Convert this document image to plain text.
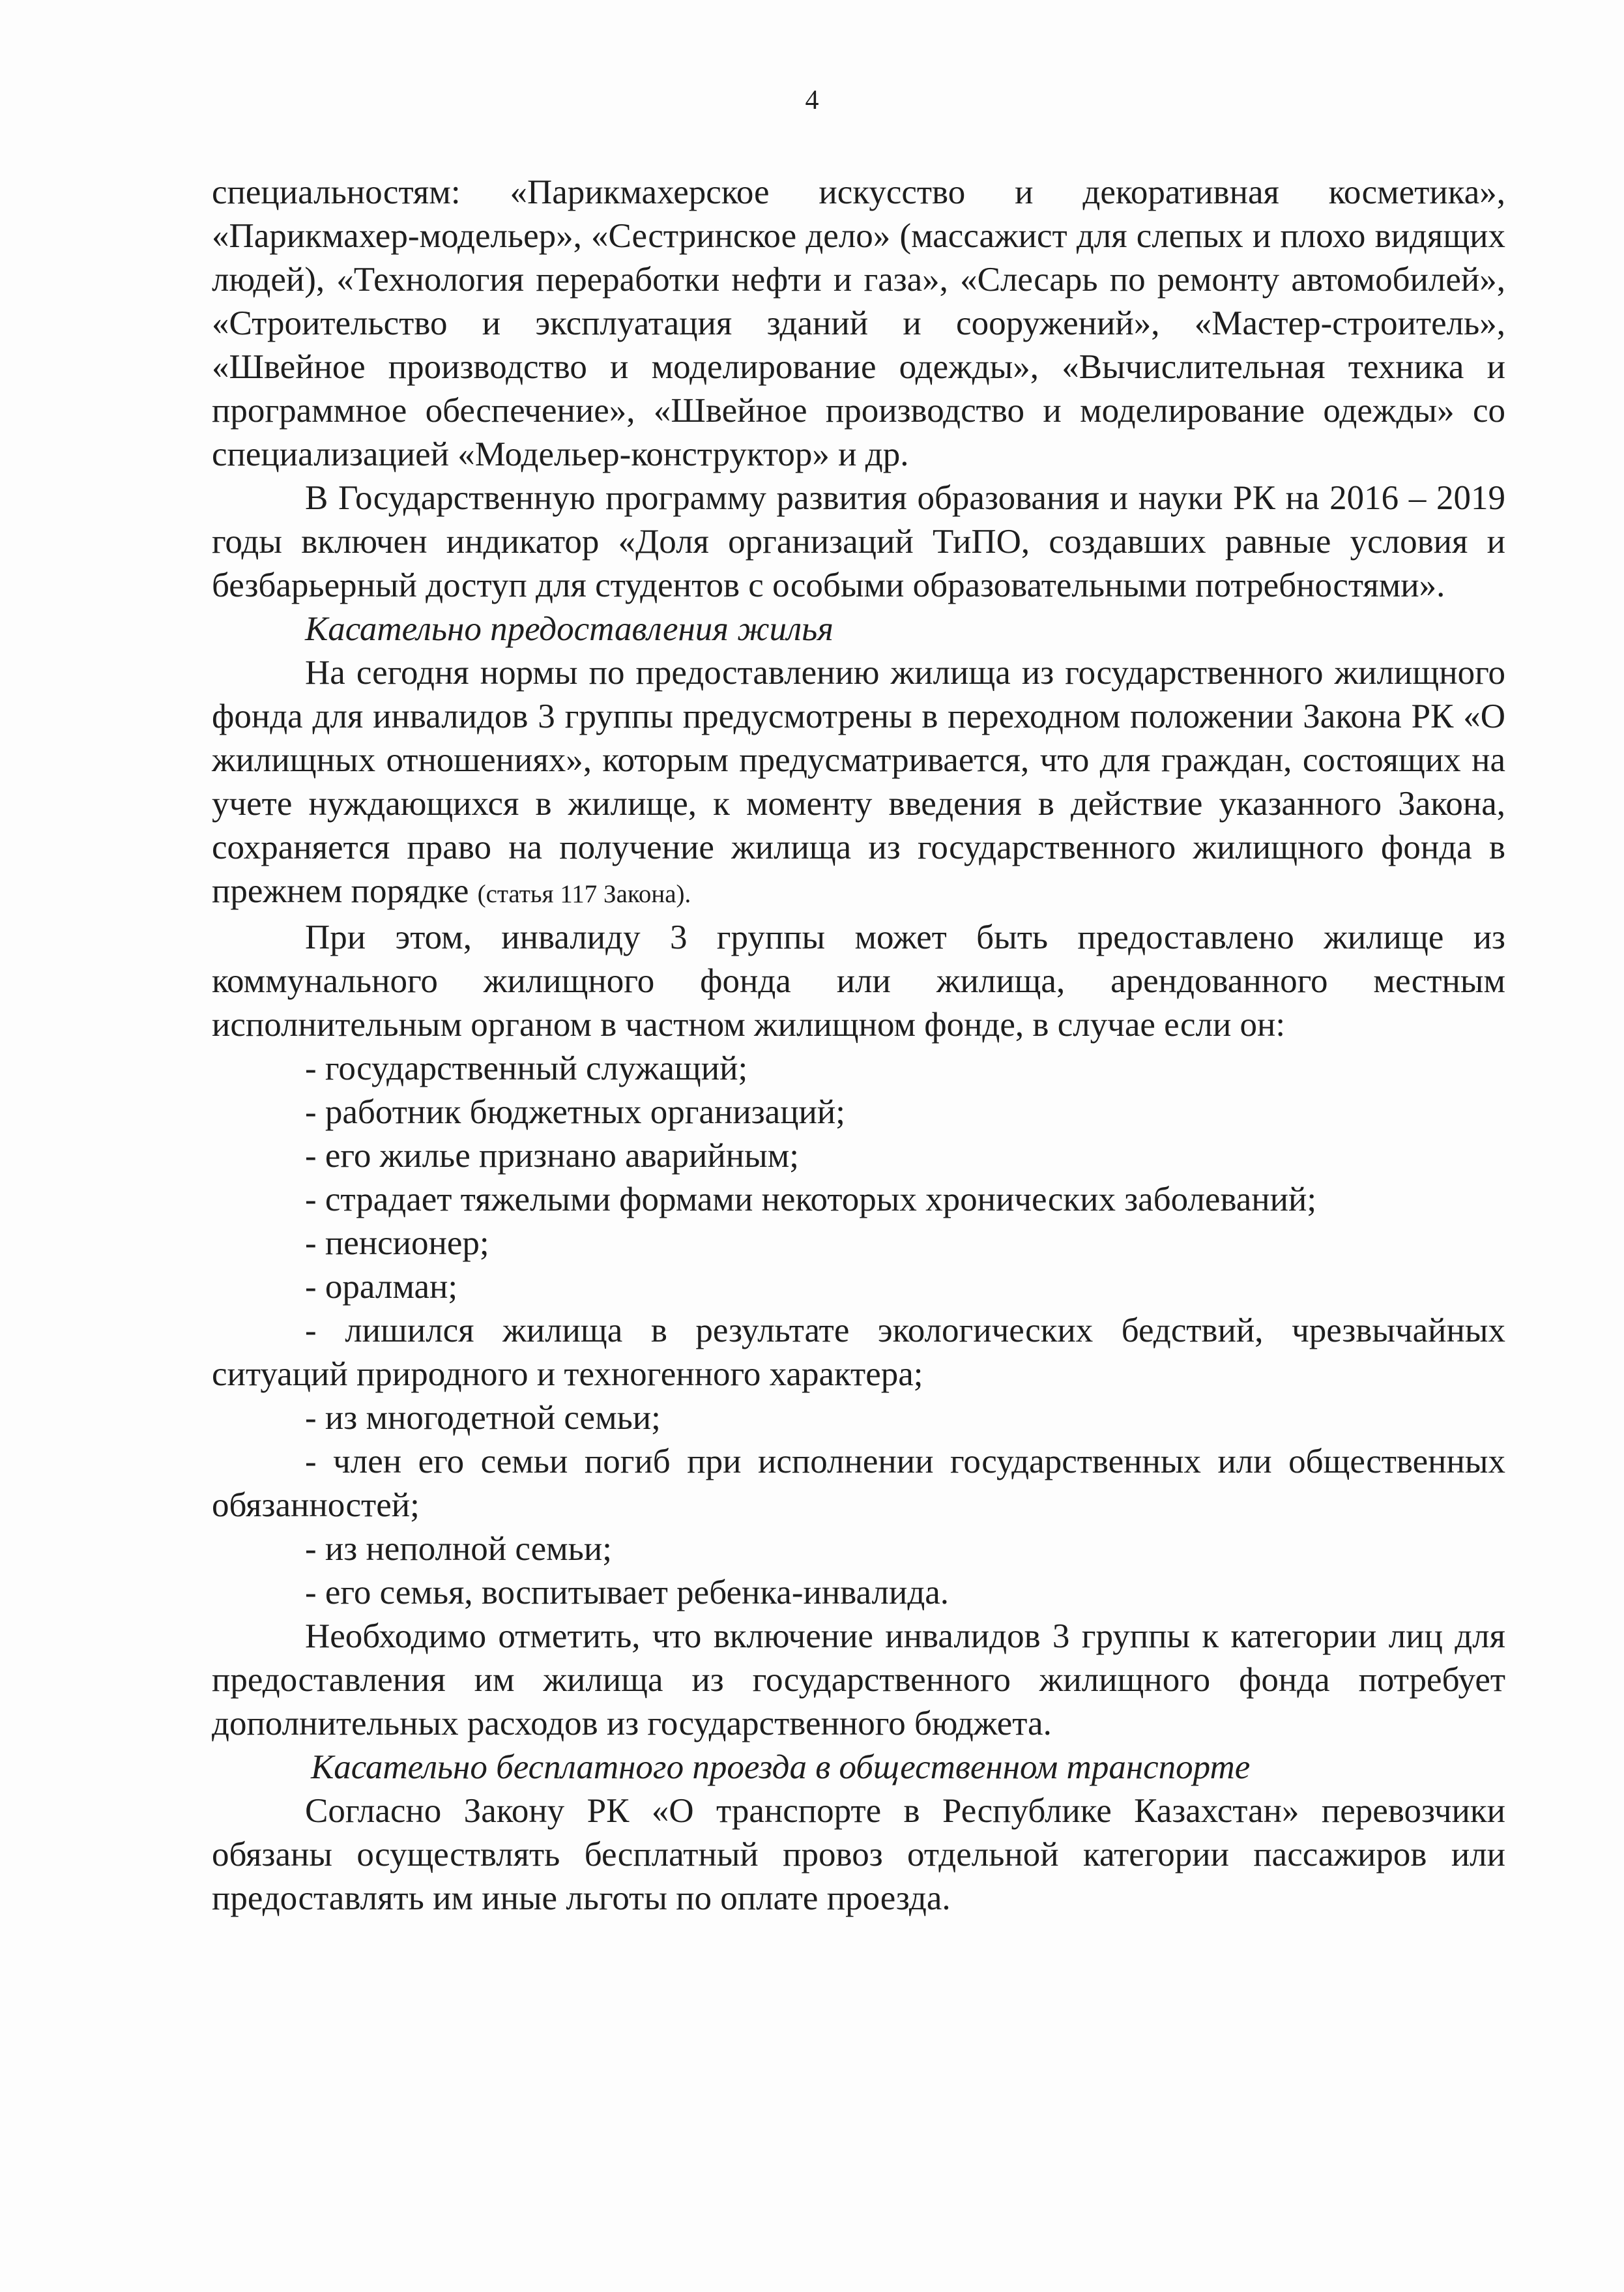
4

специальностям: «Парикмахерское искусство и декоративная косметика», «Парикмахер-модельер», «Сестринское дело» (массажист для слепых и плохо видящих людей), «Технология переработки нефти и газа», «Слесарь по ремонту автомобилей», «Строительство и эксплуатация зданий и сооружений», «Мастер-строитель», «Швейное производство и моделирование одежды», «Вычислительная техника и программное обеспечение», «Швейное производство и моделирование одежды» со специализацией «Модельер-конструктор» и др.

В Государственную программу развития образования и науки РК на 2016 – 2019 годы включен индикатор «Доля организаций ТиПО, создавших равные условия и безбарьерный доступ для студентов с особыми образовательными потребностями».

Касательно предоставления жилья

На сегодня нормы по предоставлению жилища из государственного жилищного фонда для инвалидов 3 группы предусмотрены в переходном положении Закона РК «О жилищных отношениях», которым предусматривается, что для граждан, состоящих на учете нуждающихся в жилище, к моменту введения в действие указанного Закона, сохраняется право на получение жилища из государственного жилищного фонда в прежнем порядке (статья 117 Закона).

При этом, инвалиду 3 группы может быть предоставлено жилище из коммунального жилищного фонда или жилища, арендованного местным исполнительным органом в частном жилищном фонде, в случае если он:

- государственный служащий;

- работник бюджетных организаций;

- его жилье признано аварийным;

- страдает тяжелыми формами некоторых хронических заболеваний;

- пенсионер;

- оралман;

- лишился жилища в результате экологических бедствий, чрезвычайных ситуаций природного и техногенного характера;

- из многодетной семьи;

- член его семьи погиб при исполнении государственных или общественных обязанностей;

- из неполной семьи;

- его семья, воспитывает ребенка-инвалида.

Необходимо отметить, что включение инвалидов 3 группы к категории лиц для предоставления им жилища из государственного жилищного фонда потребует дополнительных расходов из государственного бюджета.

Касательно бесплатного проезда в общественном транспорте

Согласно Закону РК «О транспорте в Республике Казахстан» перевозчики обязаны осуществлять бесплатный провоз отдельной категории пассажиров или предоставлять им иные льготы по оплате проезда.
